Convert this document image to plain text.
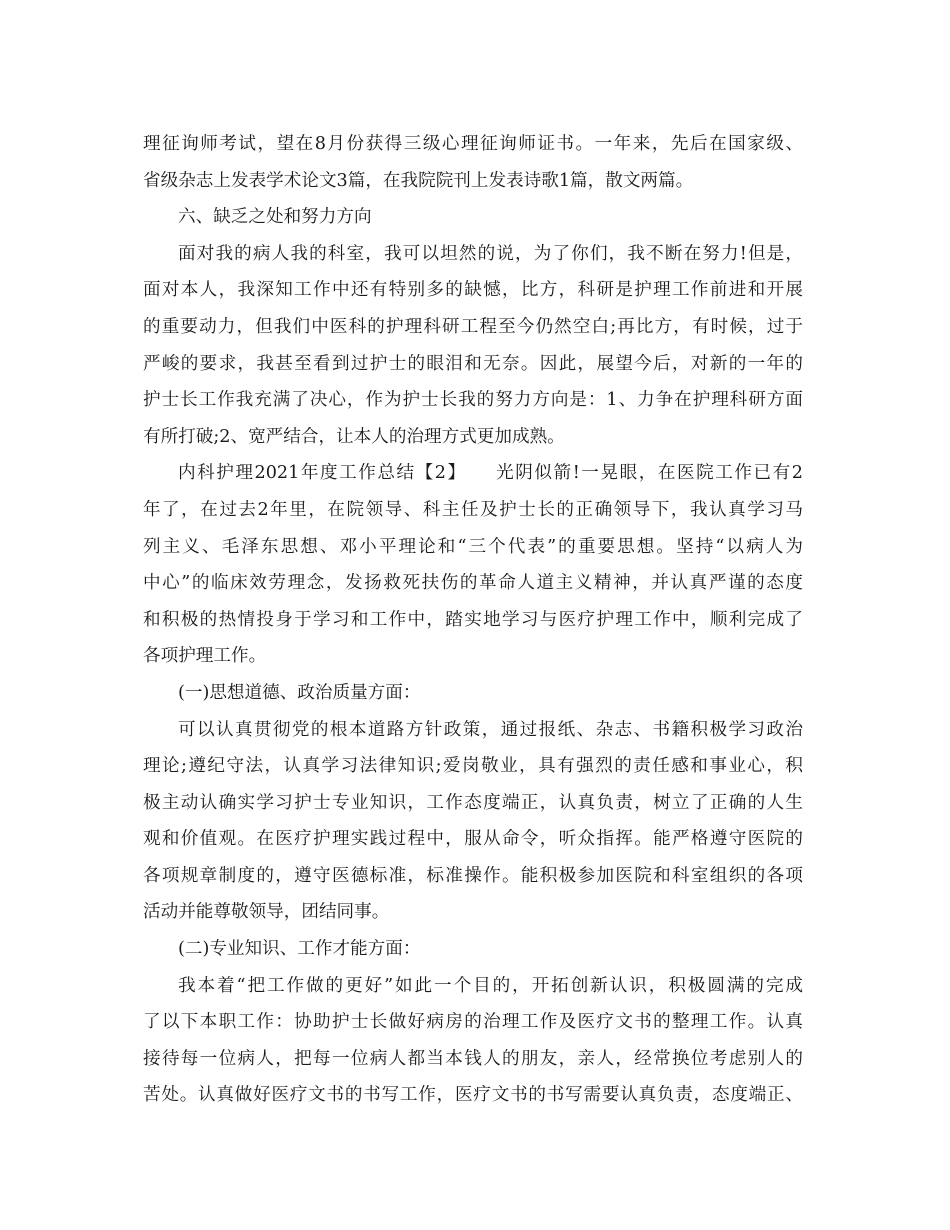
理征询师考试，望在8月份获得三级心理征询师证书。一年来，先后在国家级、
省级杂志上发表学术论文3篇，在我院院刊上发表诗歌1篇，散文两篇。
六、缺乏之处和努力方向
面对我的病人我的科室，我可以坦然的说，为了你们，我不断在努力!但是，
面对本人，我深知工作中还有特别多的缺憾，比方，科研是护理工作前进和开展
的重要动力，但我们中医科的护理科研工程至今仍然空白;再比方，有时候，过于
严峻的要求，我甚至看到过护士的眼泪和无奈。因此，展望今后，对新的一年的
护士长工作我充满了决心，作为护士长我的努力方向是：1、力争在护理科研方面
有所打破;2、宽严结合，让本人的治理方式更加成熟。
内科护理2021年度工作总结【2】　　光阴似箭!一晃眼，在医院工作已有2
年了，在过去2年里，在院领导、科主任及护士长的正确领导下，我认真学习马
列主义、毛泽东思想、邓小平理论和“三个代表”的重要思想。坚持“以病人为
中心”的临床效劳理念，发扬救死扶伤的革命人道主义精神，并认真严谨的态度
和积极的热情投身于学习和工作中，踏实地学习与医疗护理工作中，顺利完成了
各项护理工作。
(一)思想道德、政治质量方面：
可以认真贯彻党的根本道路方针政策，通过报纸、杂志、书籍积极学习政治
理论;遵纪守法，认真学习法律知识;爱岗敬业，具有强烈的责任感和事业心，积
极主动认确实学习护士专业知识，工作态度端正，认真负责，树立了正确的人生
观和价值观。在医疗护理实践过程中，服从命令，听众指挥。能严格遵守医院的
各项规章制度的，遵守医德标准，标准操作。能积极参加医院和科室组织的各项
活动并能尊敬领导，团结同事。
(二)专业知识、工作才能方面：
我本着“把工作做的更好”如此一个目的，开拓创新认识，积极圆满的完成
了以下本职工作：协助护士长做好病房的治理工作及医疗文书的整理工作。认真
接待每一位病人，把每一位病人都当本钱人的朋友，亲人，经常换位考虑别人的
苦处。认真做好医疗文书的书写工作，医疗文书的书写需要认真负责，态度端正、
